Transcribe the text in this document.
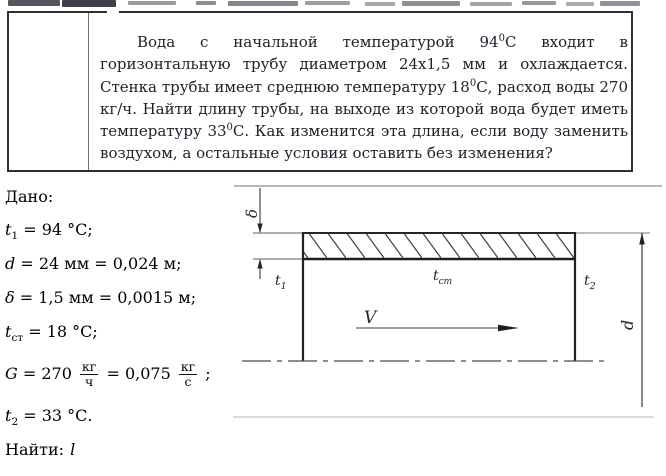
Вода с начальной температурой $94^0С$ входит в
горизонтальную трубу диаметром 24х1,5 мм и охлаждается.
Стенка трубы имеет среднюю температуру $18^0С$, расход воды 270
кг/ч. Найти длину трубы, на выходе из которой вода будет иметь
температуру $33^0С$. Как изменится эта длина, если воду заменить
воздухом, а остальные условия оставить без изменения?
Дано:
$t_1 = 94$ °С;
d = 24 мм = 0,024 м;
δ = 1,5 мм = 0,0015 м;
$t_{ст} = 18$ °С;
$G = 270 \frac{кг}{ч} = 0,075 \frac{кг}{с}$ ;
$t_2 = 33$ °С.
Найти: l
δ
V	d
$t_1$
$t_{ст}$	$t_2$
